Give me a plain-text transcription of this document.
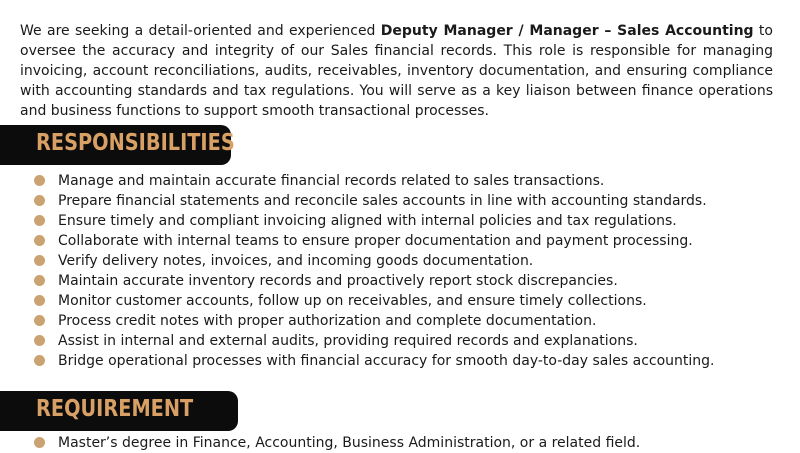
We are seeking a detail-oriented and experienced Deputy Manager / Manager – Sales Accounting to oversee the accuracy and integrity of our Sales financial records. This role is responsible for managing invoicing, account reconciliations, audits, receivables, inventory documentation, and ensuring compliance with accounting standards and tax regulations. You will serve as a key liaison between finance operations and business functions to support smooth transactional processes.

RESPONSIBILITIES
Manage and maintain accurate financial records related to sales transactions.
Prepare financial statements and reconcile sales accounts in line with accounting standards.
Ensure timely and compliant invoicing aligned with internal policies and tax regulations.
Collaborate with internal teams to ensure proper documentation and payment processing.
Verify delivery notes, invoices, and incoming goods documentation.
Maintain accurate inventory records and proactively report stock discrepancies.
Monitor customer accounts, follow up on receivables, and ensure timely collections.
Process credit notes with proper authorization and complete documentation.
Assist in internal and external audits, providing required records and explanations.
Bridge operational processes with financial accuracy for smooth day-to-day sales accounting.
REQUIREMENT
Master’s degree in Finance, Accounting, Business Administration, or a related field.
